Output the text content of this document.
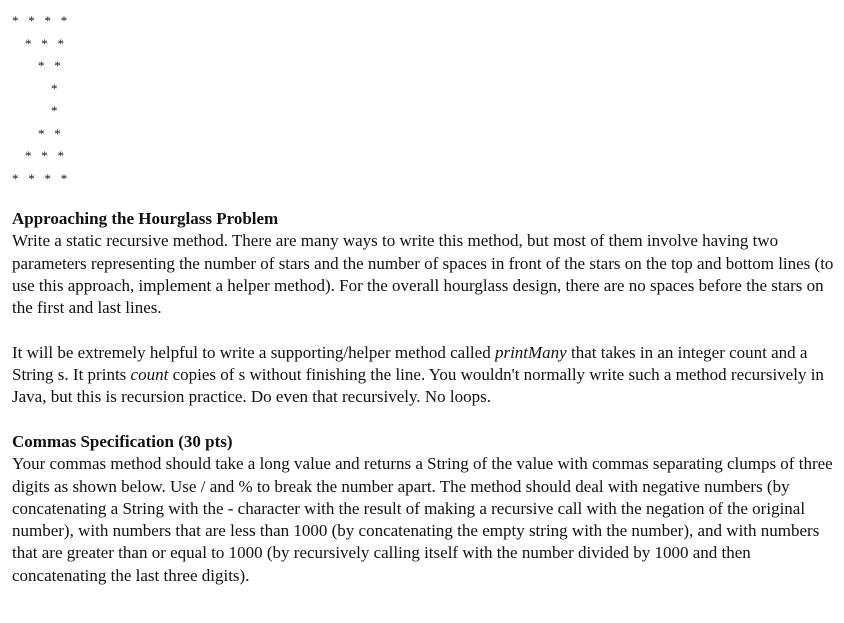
*   *   *   *
*   *   *
*   *
*
*
*   *
*   *   *
*   *   *   *

Approaching the Hourglass Problem

Write a static recursive method. There are many ways to write this method, but most of them involve having two parameters representing the number of stars and the number of spaces in front of the stars on the top and bottom lines (to use this approach, implement a helper method). For the overall hourglass design, there are no spaces before the stars on the first and last lines.

It will be extremely helpful to write a supporting/helper method called printMany that takes in an integer count and a String s. It prints count copies of s without finishing the line. You wouldn't normally write such a method recursively in Java, but this is recursion practice. Do even that recursively. No loops.

Commas Specification (30 pts)

Your commas method should take a long value and returns a String of the value with commas separating clumps of three digits as shown below. Use / and % to break the number apart. The method should deal with negative numbers (by concatenating a String with the - character with the result of making a recursive call with the negation of the original number), with numbers that are less than 1000 (by concatenating the empty string with the number), and with numbers that are greater than or equal to 1000 (by recursively calling itself with the number divided by 1000 and then concatenating the last three digits).
